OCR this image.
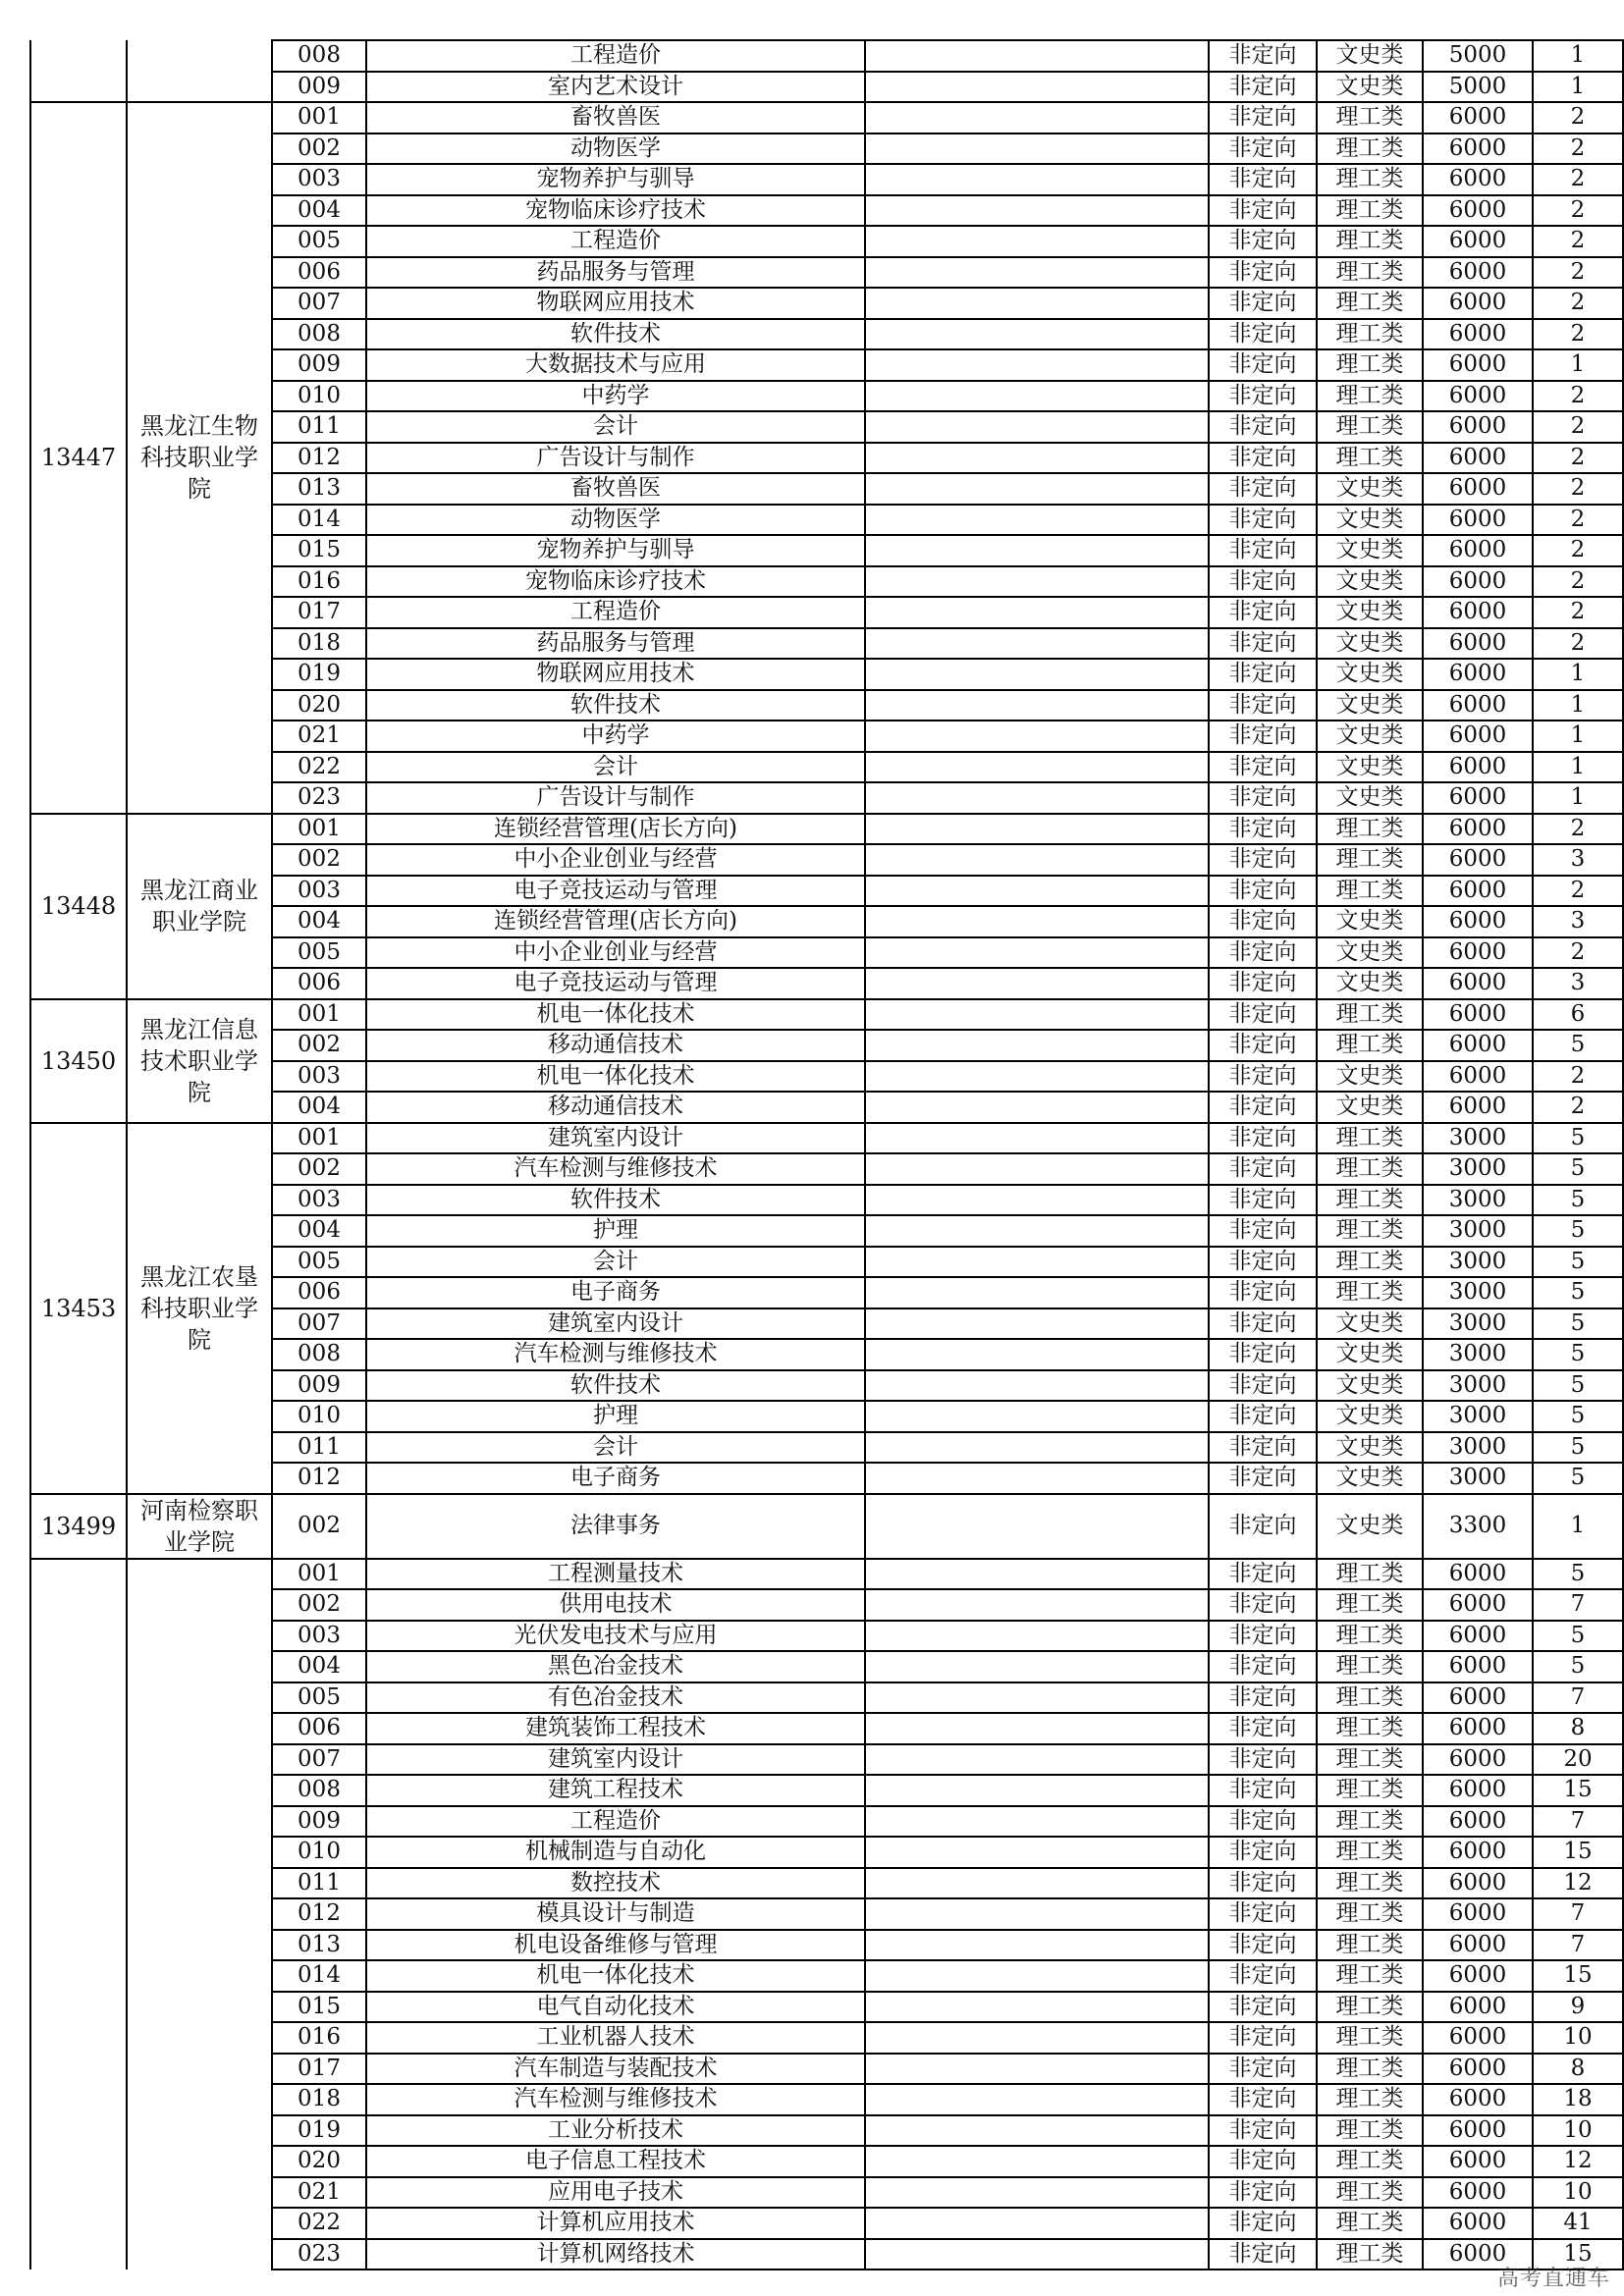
		008	工程造价		非定向	文史类	5000	1
		009	室内艺术设计		非定向	文史类	5000	1
13447	黑龙江生物科技职业学院	001	畜牧兽医		非定向	理工类	6000	2
		002	动物医学		非定向	理工类	6000	2
		003	宠物养护与驯导		非定向	理工类	6000	2
		004	宠物临床诊疗技术		非定向	理工类	6000	2
		005	工程造价		非定向	理工类	6000	2
		006	药品服务与管理		非定向	理工类	6000	2
		007	物联网应用技术		非定向	理工类	6000	2
		008	软件技术		非定向	理工类	6000	2
		009	大数据技术与应用		非定向	理工类	6000	1
		010	中药学		非定向	理工类	6000	2
		011	会计		非定向	理工类	6000	2
		012	广告设计与制作		非定向	理工类	6000	2
		013	畜牧兽医		非定向	文史类	6000	2
		014	动物医学		非定向	文史类	6000	2
		015	宠物养护与驯导		非定向	文史类	6000	2
		016	宠物临床诊疗技术		非定向	文史类	6000	2
		017	工程造价		非定向	文史类	6000	2
		018	药品服务与管理		非定向	文史类	6000	2
		019	物联网应用技术		非定向	文史类	6000	1
		020	软件技术		非定向	文史类	6000	1
		021	中药学		非定向	文史类	6000	1
		022	会计		非定向	文史类	6000	1
		023	广告设计与制作		非定向	文史类	6000	1
13448	黑龙江商业职业学院	001	连锁经营管理(店长方向)		非定向	理工类	6000	2
		002	中小企业创业与经营		非定向	理工类	6000	3
		003	电子竞技运动与管理		非定向	理工类	6000	2
		004	连锁经营管理(店长方向)		非定向	文史类	6000	3
		005	中小企业创业与经营		非定向	文史类	6000	2
		006	电子竞技运动与管理		非定向	文史类	6000	3
13450	黑龙江信息技术职业学院	001	机电一体化技术		非定向	理工类	6000	6
		002	移动通信技术		非定向	理工类	6000	5
		003	机电一体化技术		非定向	文史类	6000	2
		004	移动通信技术		非定向	文史类	6000	2
13453	黑龙江农垦科技职业学院	001	建筑室内设计		非定向	理工类	3000	5
		002	汽车检测与维修技术		非定向	理工类	3000	5
		003	软件技术		非定向	理工类	3000	5
		004	护理		非定向	理工类	3000	5
		005	会计		非定向	理工类	3000	5
		006	电子商务		非定向	理工类	3000	5
		007	建筑室内设计		非定向	文史类	3000	5
		008	汽车检测与维修技术		非定向	文史类	3000	5
		009	软件技术		非定向	文史类	3000	5
		010	护理		非定向	文史类	3000	5
		011	会计		非定向	文史类	3000	5
		012	电子商务		非定向	文史类	3000	5
13499	河南检察职业学院	002	法律事务		非定向	文史类	3300	1
		001	工程测量技术		非定向	理工类	6000	5
		002	供用电技术		非定向	理工类	6000	7
		003	光伏发电技术与应用		非定向	理工类	6000	5
		004	黑色冶金技术		非定向	理工类	6000	5
		005	有色冶金技术		非定向	理工类	6000	7
		006	建筑装饰工程技术		非定向	理工类	6000	8
		007	建筑室内设计		非定向	理工类	6000	20
		008	建筑工程技术		非定向	理工类	6000	15
		009	工程造价		非定向	理工类	6000	7
		010	机械制造与自动化		非定向	理工类	6000	15
		011	数控技术		非定向	理工类	6000	12
		012	模具设计与制造		非定向	理工类	6000	7
		013	机电设备维修与管理		非定向	理工类	6000	7
		014	机电一体化技术		非定向	理工类	6000	15
		015	电气自动化技术		非定向	理工类	6000	9
		016	工业机器人技术		非定向	理工类	6000	10
		017	汽车制造与装配技术		非定向	理工类	6000	8
		018	汽车检测与维修技术		非定向	理工类	6000	18
		019	工业分析技术		非定向	理工类	6000	10
		020	电子信息工程技术		非定向	理工类	6000	12
		021	应用电子技术		非定向	理工类	6000	10
		022	计算机应用技术		非定向	理工类	6000	41
		023	计算机网络技术		非定向	理工类	6000	15
高考直通车
